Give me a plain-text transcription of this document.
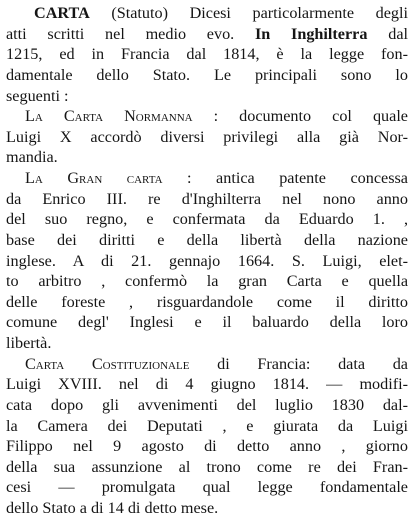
CARTA (Statuto) Dicesi particolarmente degli
atti scritti nel medio evo. In Inghilterra dal
1215, ed in Francia dal 1814, è la legge fon-
damentale dello Stato. Le principali sono lo
seguenti :
La Carta Normanna : documento col quale
Luigi X accordò diversi privilegi alla già Nor-
mandia.
La Gran carta : antica patente concessa
da Enrico III. re d'Inghilterra nel nono anno
del suo regno, e confermata da Eduardo 1. ,
base dei diritti e della libertà della nazione
inglese. A di 21. gennajo 1664. S. Luigi, elet-
to arbitro , confermò la gran Carta e quella
delle foreste , risguardandole come il diritto
comune degl' Inglesi e il baluardo della loro
libertà.
Carta Costituzionale di Francia: data da
Luigi XVIII. nel di 4 giugno 1814. — modifi-
cata dopo gli avvenimenti del luglio 1830 dal-
la Camera dei Deputati , e giurata da Luigi
Filippo nel 9 agosto di detto anno , giorno
della sua assunzione al trono come re dei Fran-
cesi — promulgata qual legge fondamentale
dello Stato a di 14 di detto mese.
